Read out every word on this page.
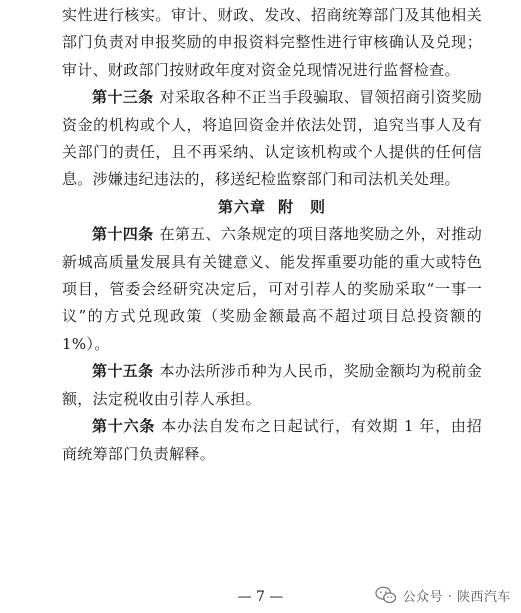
实性进行核实。审计、财政、发改、招商统筹部门及其他相关部门负责对申报奖励的申报资料完整性进行审核确认及兑现；审计、财政部门按财政年度对资金兑现情况进行监督检查。

第十三条 对采取各种不正当手段骗取、冒领招商引资奖励资金的机构或个人，将追回资金并依法处罚，追究当事人及有关部门的责任，且不再采纳、认定该机构或个人提供的任何信息。涉嫌违纪违法的，移送纪检监察部门和司法机关处理。

第六章 附　则

第十四条 在第五、六条规定的项目落地奖励之外，对推动新城高质量发展具有关键意义、能发挥重要功能的重大或特色项目，管委会经研究决定后，可对引荐人的奖励采取“一事一议”的方式兑现政策（奖励金额最高不超过项目总投资额的 1%）。

第十五条 本办法所涉币种为人民币，奖励金额均为税前金额，法定税收由引荐人承担。

第十六条 本办法自发布之日起试行，有效期 1 年，由招商统筹部门负责解释。

— 7 —	公众号 · 陕西汽车
